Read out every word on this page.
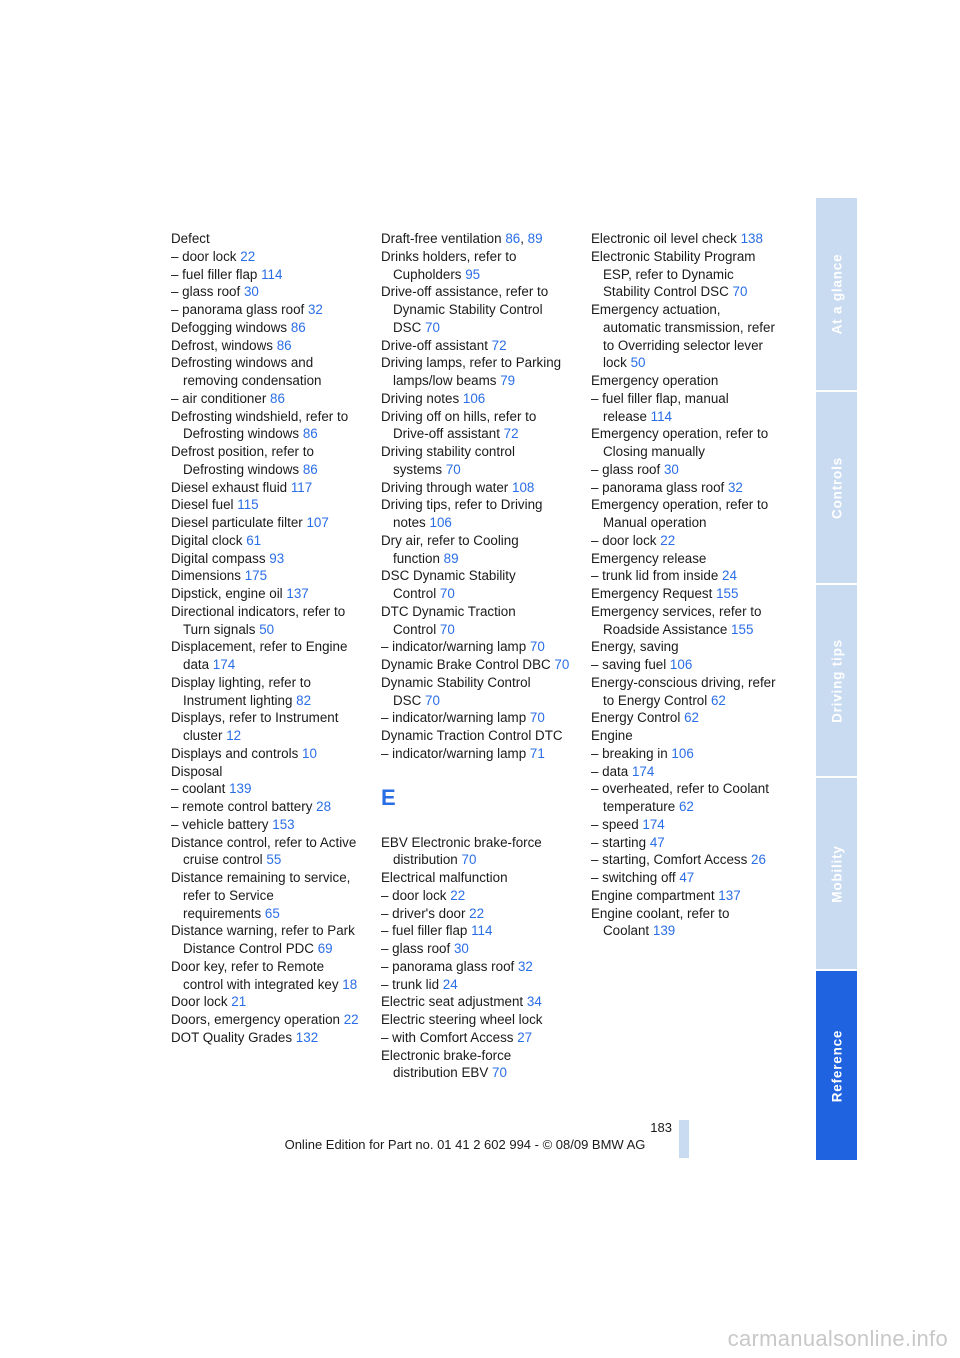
Defect
– door lock 22
– fuel filler flap 114
– glass roof 30
– panorama glass roof 32
Defogging windows 86
Defrost, windows 86
Defrosting windows and removing condensation
– air conditioner 86
Defrosting windshield, refer to Defrosting windows 86
Defrost position, refer to Defrosting windows 86
Diesel exhaust fluid 117
Diesel fuel 115
Diesel particulate filter 107
Digital clock 61
Digital compass 93
Dimensions 175
Dipstick, engine oil 137
Directional indicators, refer to Turn signals 50
Displacement, refer to Engine data 174
Display lighting, refer to Instrument lighting 82
Displays, refer to Instrument cluster 12
Displays and controls 10
Disposal
– coolant 139
– remote control battery 28
– vehicle battery 153
Distance control, refer to Active cruise control 55
Distance remaining to service, refer to Service requirements 65
Distance warning, refer to Park Distance Control PDC 69
Door key, refer to Remote control with integrated key 18
Door lock 21
Doors, emergency operation 22
DOT Quality Grades 132
Draft-free ventilation 86, 89
Drinks holders, refer to Cupholders 95
Drive-off assistance, refer to Dynamic Stability Control DSC 70
Drive-off assistant 72
Driving lamps, refer to Parking lamps/low beams 79
Driving notes 106
Driving off on hills, refer to Drive-off assistant 72
Driving stability control systems 70
Driving through water 108
Driving tips, refer to Driving notes 106
Dry air, refer to Cooling function 89
DSC Dynamic Stability Control 70
DTC Dynamic Traction Control 70
– indicator/warning lamp 70
Dynamic Brake Control DBC 70
Dynamic Stability Control DSC 70
– indicator/warning lamp 70
Dynamic Traction Control DTC
– indicator/warning lamp 71
E
EBV Electronic brake-force distribution 70
Electrical malfunction
– door lock 22
– driver's door 22
– fuel filler flap 114
– glass roof 30
– panorama glass roof 32
– trunk lid 24
Electric seat adjustment 34
Electric steering wheel lock
– with Comfort Access 27
Electronic brake-force distribution EBV 70
Electronic oil level check 138
Electronic Stability Program ESP, refer to Dynamic Stability Control DSC 70
Emergency actuation, automatic transmission, refer to Overriding selector lever lock 50
Emergency operation
– fuel filler flap, manual release 114
Emergency operation, refer to Closing manually
– glass roof 30
– panorama glass roof 32
Emergency operation, refer to Manual operation
– door lock 22
Emergency release
– trunk lid from inside 24
Emergency Request 155
Emergency services, refer to Roadside Assistance 155
Energy, saving
– saving fuel 106
Energy-conscious driving, refer to Energy Control 62
Energy Control 62
Engine
– breaking in 106
– data 174
– overheated, refer to Coolant temperature 62
– speed 174
– starting 47
– starting, Comfort Access 26
– switching off 47
Engine compartment 137
Engine coolant, refer to Coolant 139
At a glance
Controls
Driving tips
Mobility
Reference
183
Online Edition for Part no. 01 41 2 602 994 - © 08/09 BMW AG
carmanualsonline.info
